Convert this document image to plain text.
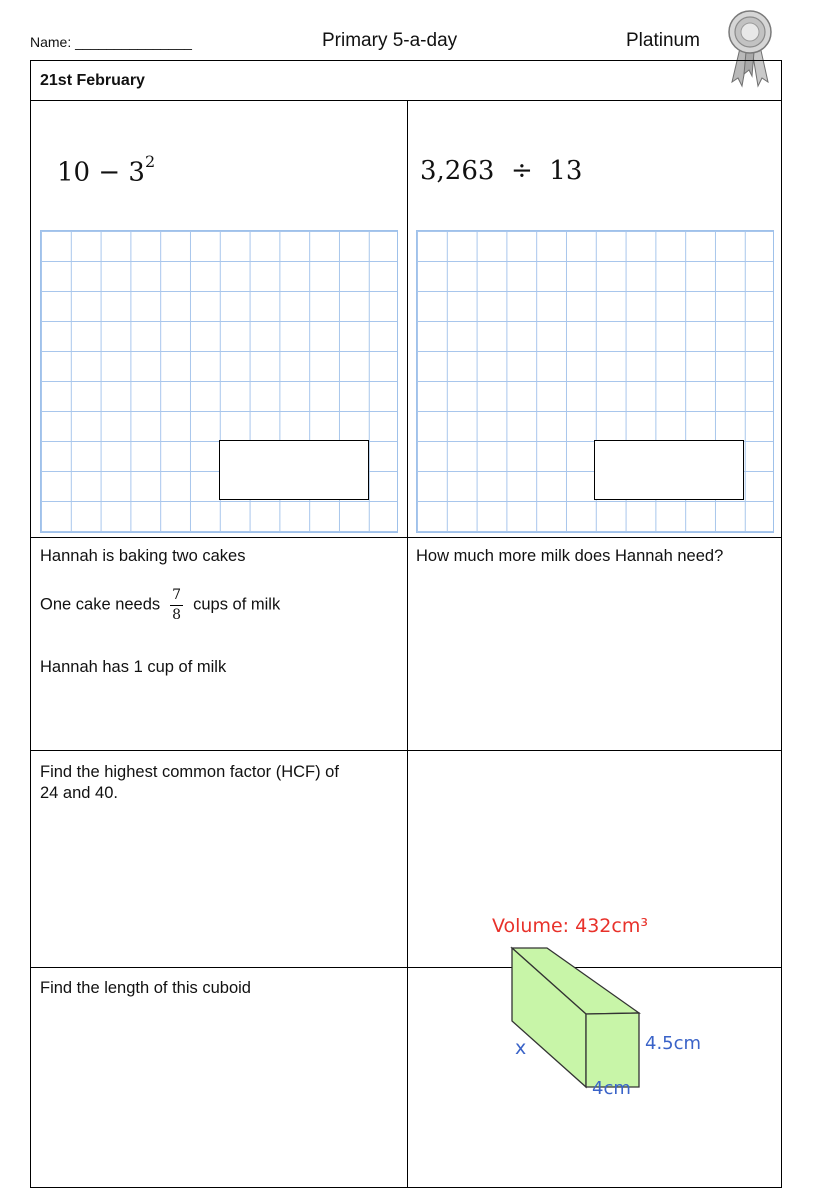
Name: _______________	Primary 5-a-day	Platinum
21st February
$10 - 3^2$	3,263  ÷  13
Hannah is baking two cakes
One cake needs $\frac{7}{8}$ cups of milk
Hannah has 1 cup of milk
How much more milk does Hannah need?
Find the highest common factor (HCF) of
24 and 40.
Find the length of this cuboid
Volume: 432cm³
x	4.5cm
4cm
